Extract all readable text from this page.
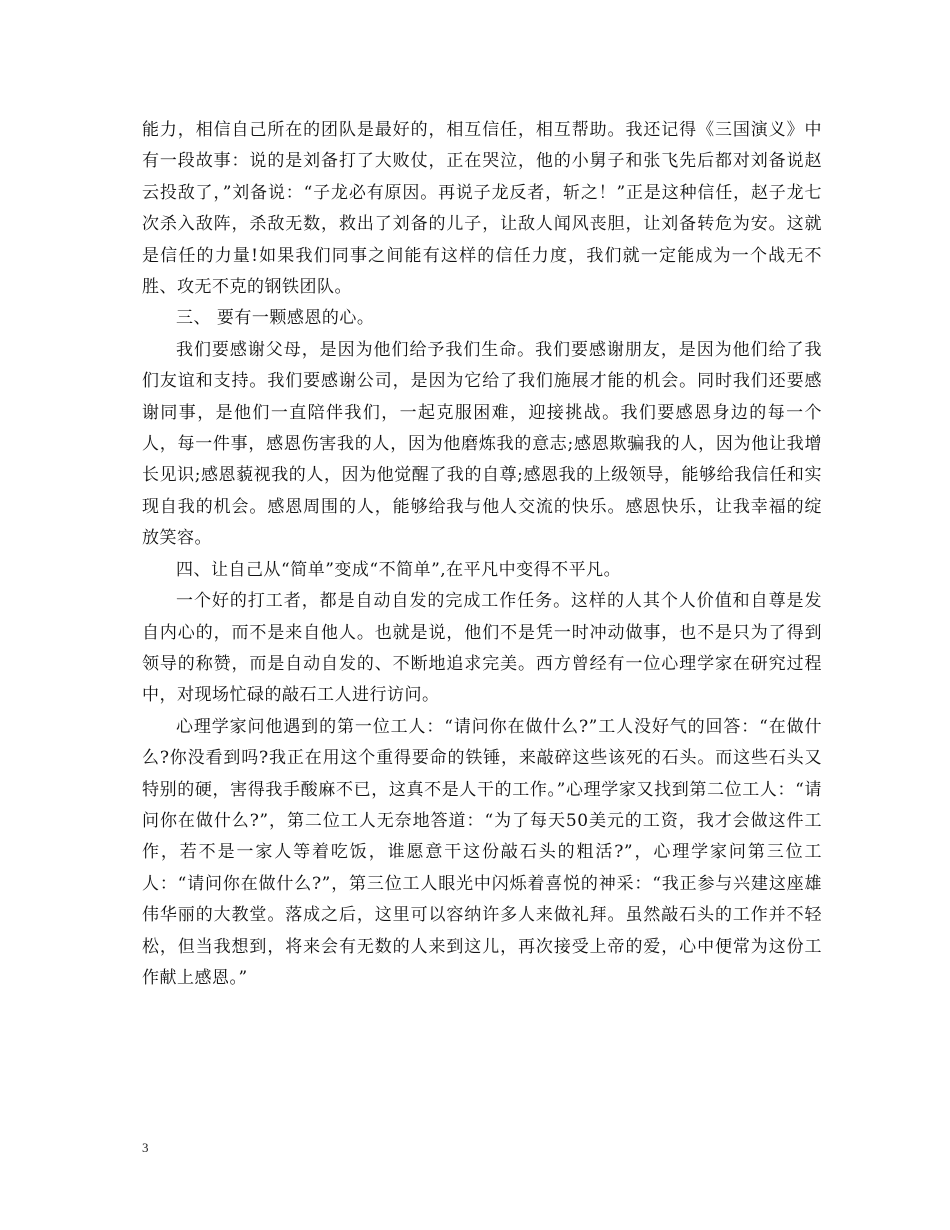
能力，相信自己所在的团队是最好的，相互信任，相互帮助。我还记得《三国演义》中有一段故事：说的是刘备打了大败仗，正在哭泣，他的小舅子和张飞先后都对刘备说赵云投敌了，”刘备说：“子龙必有原因。再说子龙反者，斩之！”正是这种信任，赵子龙七次杀入敌阵，杀敌无数，救出了刘备的儿子，让敌人闻风丧胆，让刘备转危为安。这就是信任的力量!如果我们同事之间能有这样的信任力度，我们就一定能成为一个战无不胜、攻无不克的钢铁团队。

三、 要有一颗感恩的心。

我们要感谢父母，是因为他们给予我们生命。我们要感谢朋友，是因为他们给了我们友谊和支持。我们要感谢公司，是因为它给了我们施展才能的机会。同时我们还要感谢同事，是他们一直陪伴我们，一起克服困难，迎接挑战。我们要感恩身边的每一个人，每一件事，感恩伤害我的人，因为他磨炼我的意志;感恩欺骗我的人，因为他让我增长见识;感恩藐视我的人，因为他觉醒了我的自尊;感恩我的上级领导，能够给我信任和实现自我的机会。感恩周围的人，能够给我与他人交流的快乐。感恩快乐，让我幸福的绽放笑容。

四、让自己从“简单”变成“不简单”,在平凡中变得不平凡。

一个好的打工者，都是自动自发的完成工作任务。这样的人其个人价值和自尊是发自内心的，而不是来自他人。也就是说，他们不是凭一时冲动做事，也不是只为了得到领导的称赞，而是自动自发的、不断地追求完美。西方曾经有一位心理学家在研究过程中，对现场忙碌的敲石工人进行访问。

心理学家问他遇到的第一位工人：“请问你在做什么?”工人没好气的回答：“在做什么?你没看到吗?我正在用这个重得要命的铁锤，来敲碎这些该死的石头。而这些石头又特别的硬，害得我手酸麻不已，这真不是人干的工作。”心理学家又找到第二位工人：“请问你在做什么?”，第二位工人无奈地答道：“为了每天50美元的工资，我才会做这件工作，若不是一家人等着吃饭，谁愿意干这份敲石头的粗活?”，心理学家问第三位工人：“请问你在做什么?”，第三位工人眼光中闪烁着喜悦的神采：“我正参与兴建这座雄伟华丽的大教堂。落成之后，这里可以容纳许多人来做礼拜。虽然敲石头的工作并不轻松，但当我想到，将来会有无数的人来到这儿，再次接受上帝的爱，心中便常为这份工作献上感恩。”

3
